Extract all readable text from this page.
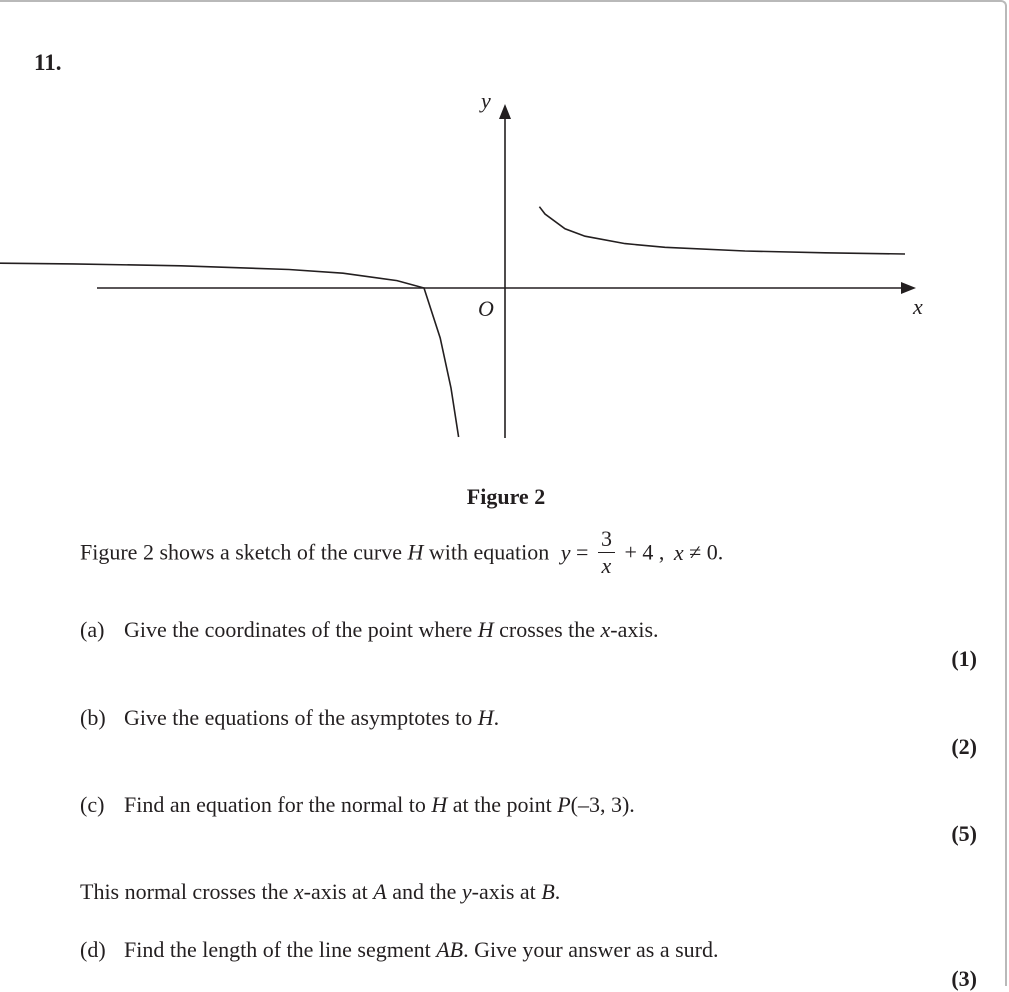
11.
y
x
O
Figure 2
Figure 2 shows a sketch of the curve H with equation $y = \frac{3}{x} + 4$ , x ≠ 0.
(a) Give the coordinates of the point where H crosses the x-axis.
(1)
(b) Give the equations of the asymptotes to H.
(2)
(c) Find an equation for the normal to H at the point P(–3, 3).
(5)
This normal crosses the x-axis at A and the y-axis at B.
(d) Find the length of the line segment AB. Give your answer as a surd.
(3)
